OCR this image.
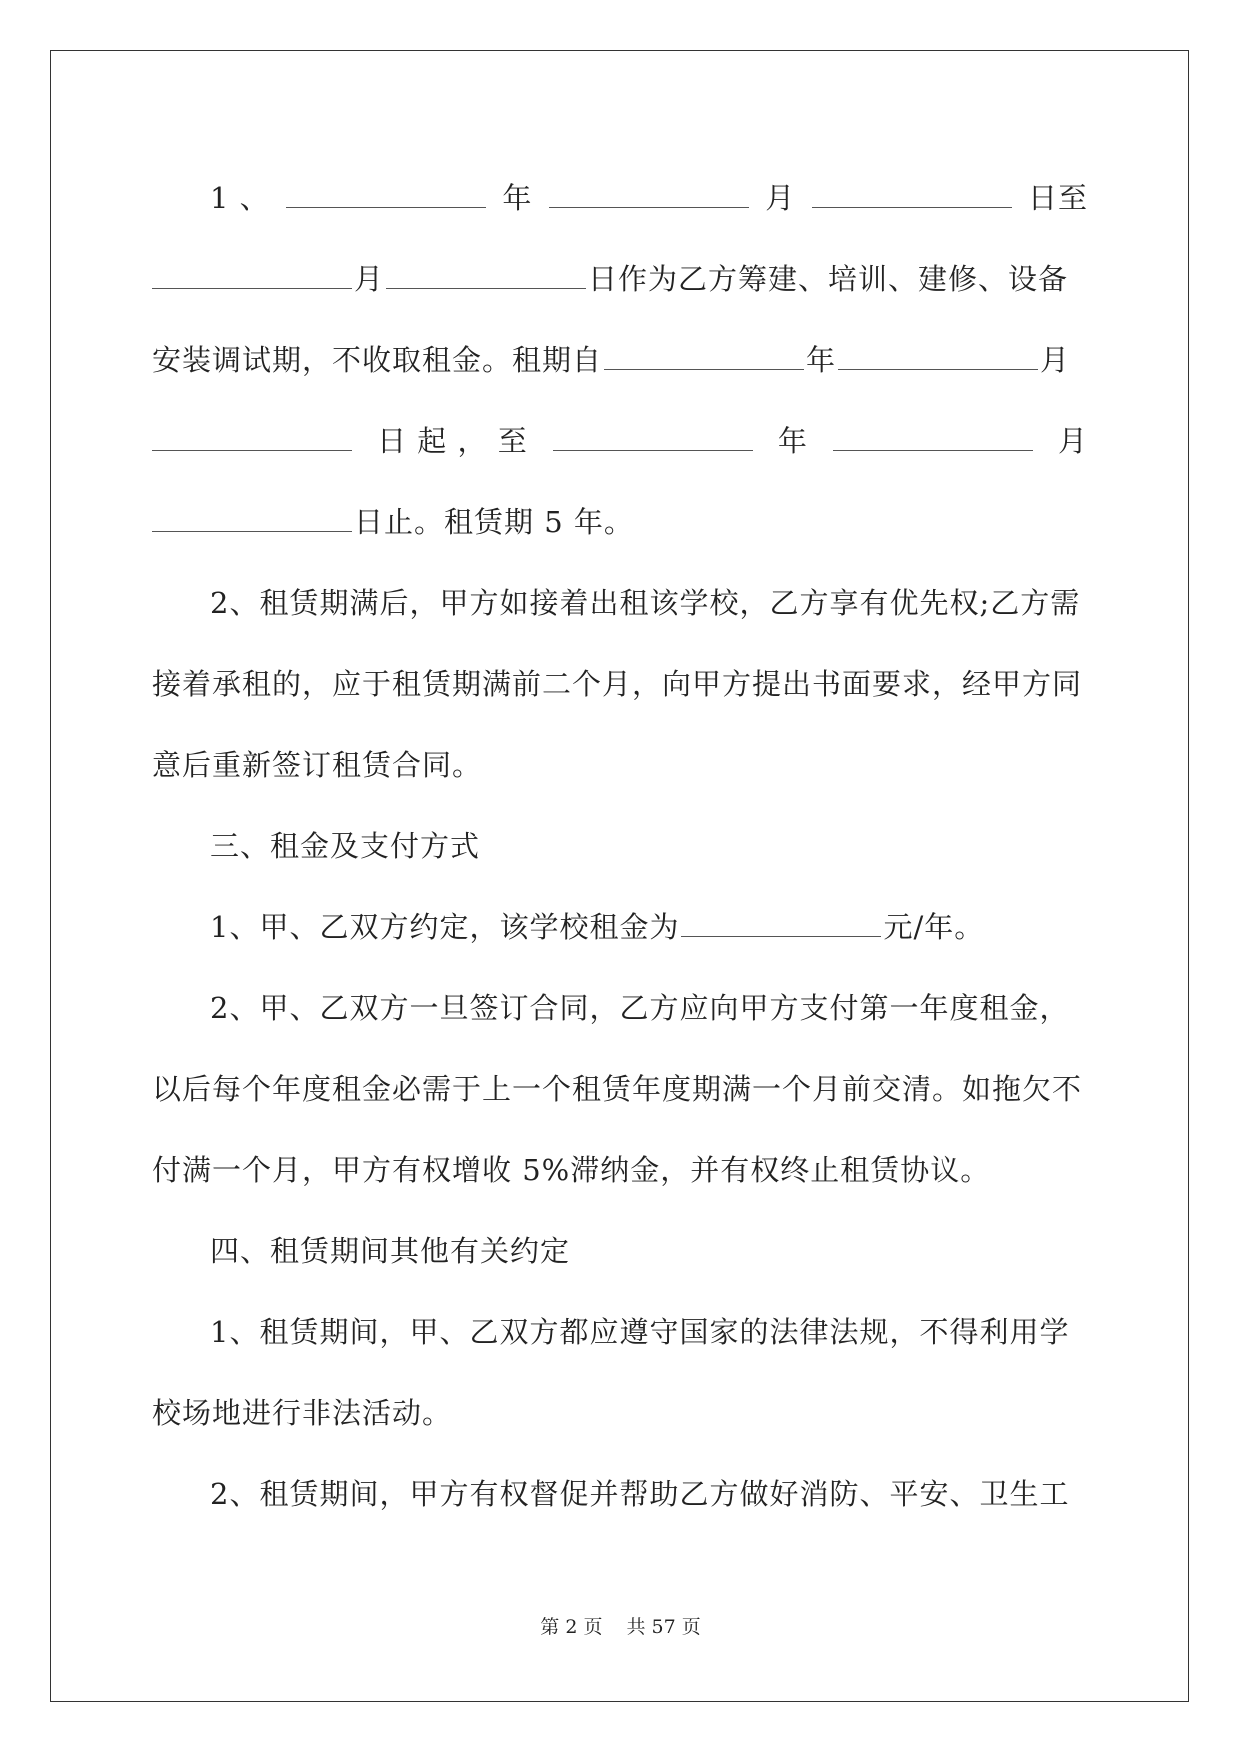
1 、	年	月	日至
月	日作为乙方筹建、培训、建修、设备
安装调试期，不收取租金。租期自	年	月
日 起 ， 至	年	月
日止。租赁期 5 年。

2、租赁期满后，甲方如接着出租该学校，乙方享有优先权;乙方需接着承租的，应于租赁期满前二个月，向甲方提出书面要求，经甲方同意后重新签订租赁合同。

三、租金及支付方式

1、甲、乙双方约定，该学校租金为	元/年。

2、甲、乙双方一旦签订合同，乙方应向甲方支付第一年度租金，以后每个年度租金必需于上一个租赁年度期满一个月前交清。如拖欠不付满一个月，甲方有权增收 5%滞纳金，并有权终止租赁协议。

四、租赁期间其他有关约定

1、租赁期间，甲、乙双方都应遵守国家的法律法规，不得利用学校场地进行非法活动。

2、租赁期间，甲方有权督促并帮助乙方做好消防、平安、卫生工

第 2 页 共 57 页
